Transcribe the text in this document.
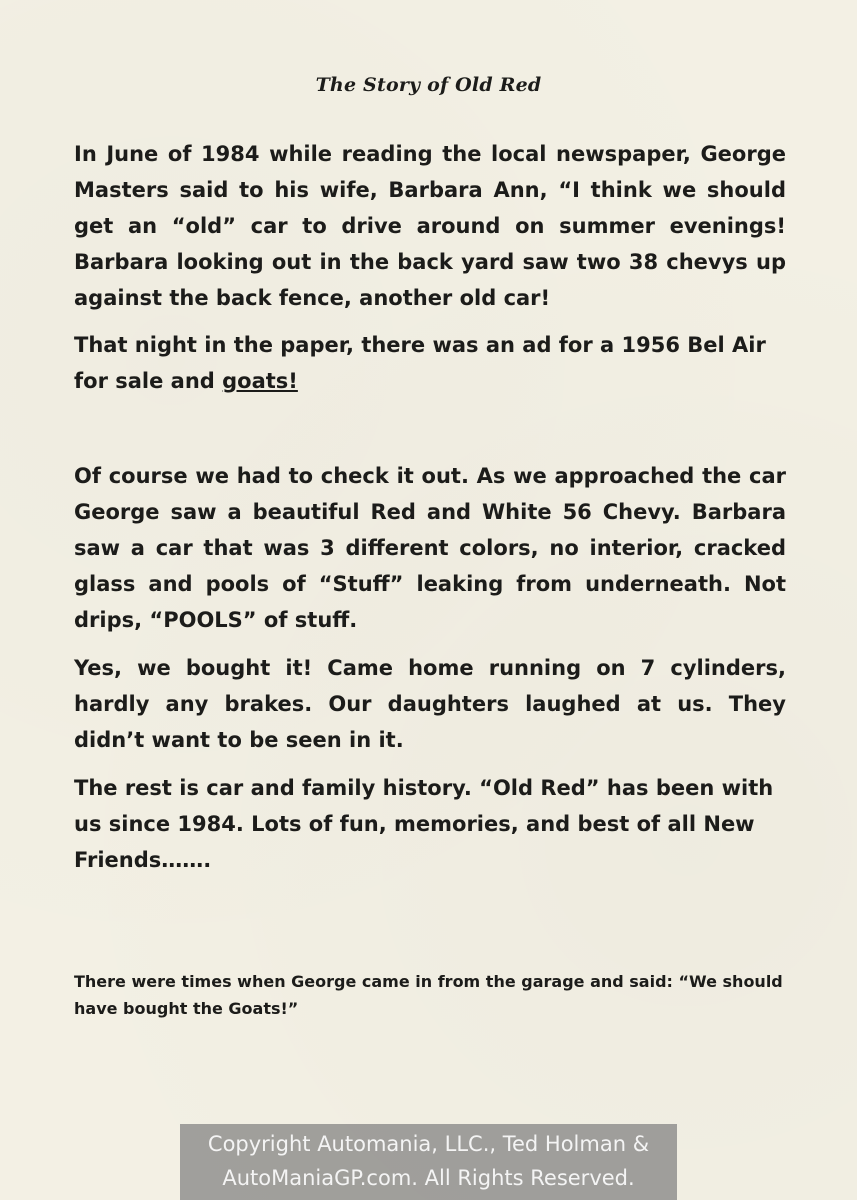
The Story of Old Red

In June of 1984 while reading the local newspaper, George Masters said to his wife, Barbara Ann, “I think we should get an “old” car to drive around on summer evenings! Barbara looking out in the back yard saw two 38 chevys up against the back fence, another old car!

That night in the paper, there was an ad for a 1956 Bel Air for sale and goats!

Of course we had to check it out. As we approached the car George saw a beautiful Red and White 56 Chevy. Barbara saw a car that was 3 different colors, no interior, cracked glass and pools of “Stuff” leaking from underneath. Not drips, “POOLS” of stuff.

Yes, we bought it! Came home running on 7 cylinders, hardly any brakes. Our daughters laughed at us. They didn’t want to be seen in it.

The rest is car and family history. “Old Red” has been with us since 1984. Lots of fun, memories, and best of all New Friends…….

There were times when George came in from the garage and said: “We should have bought the Goats!”

Copyright Automania, LLC., Ted Holman &
AutoManiaGP.com. All Rights Reserved.
